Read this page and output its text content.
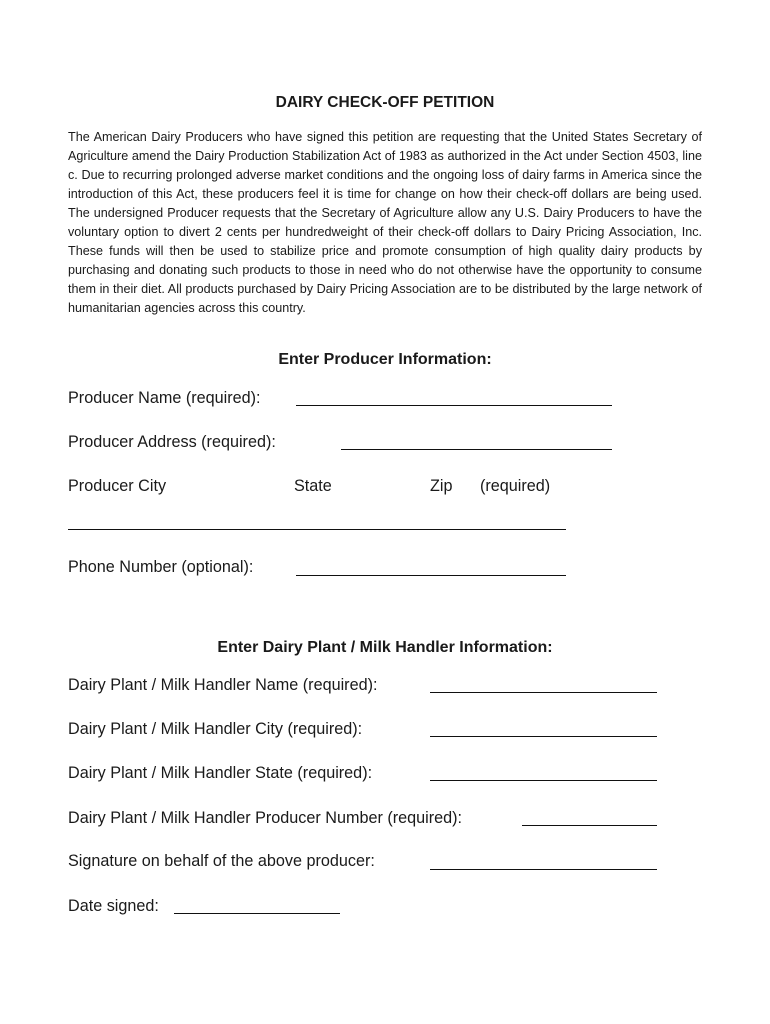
DAIRY CHECK-OFF PETITION

The American Dairy Producers who have signed this petition are requesting that the United States Secretary of Agriculture amend the Dairy Production Stabilization Act of 1983 as authorized in the Act under Section 4503, line c. Due to recurring prolonged adverse market conditions and the ongoing loss of dairy farms in America since the introduction of this Act, these producers feel it is time for change on how their check-off dollars are being used. The undersigned Producer requests that the Secretary of Agriculture allow any U.S. Dairy Producers to have the voluntary option to divert 2 cents per hundredweight of their check-off dollars to Dairy Pricing Association, Inc. These funds will then be used to stabilize price and promote consumption of high quality dairy products by purchasing and donating such products to those in need who do not otherwise have the opportunity to consume them in their diet. All products purchased by Dairy Pricing Association are to be distributed by the large network of humanitarian agencies across this country.

Enter Producer Information:
Producer Name (required):
Producer Address (required):
Producer City	State	Zip (required)
Phone Number (optional):
Enter Dairy Plant / Milk Handler Information:
Dairy Plant / Milk Handler Name (required):
Dairy Plant / Milk Handler City (required):
Dairy Plant / Milk Handler State (required):
Dairy Plant / Milk Handler Producer Number (required):
Signature on behalf of the above producer:
Date signed:
